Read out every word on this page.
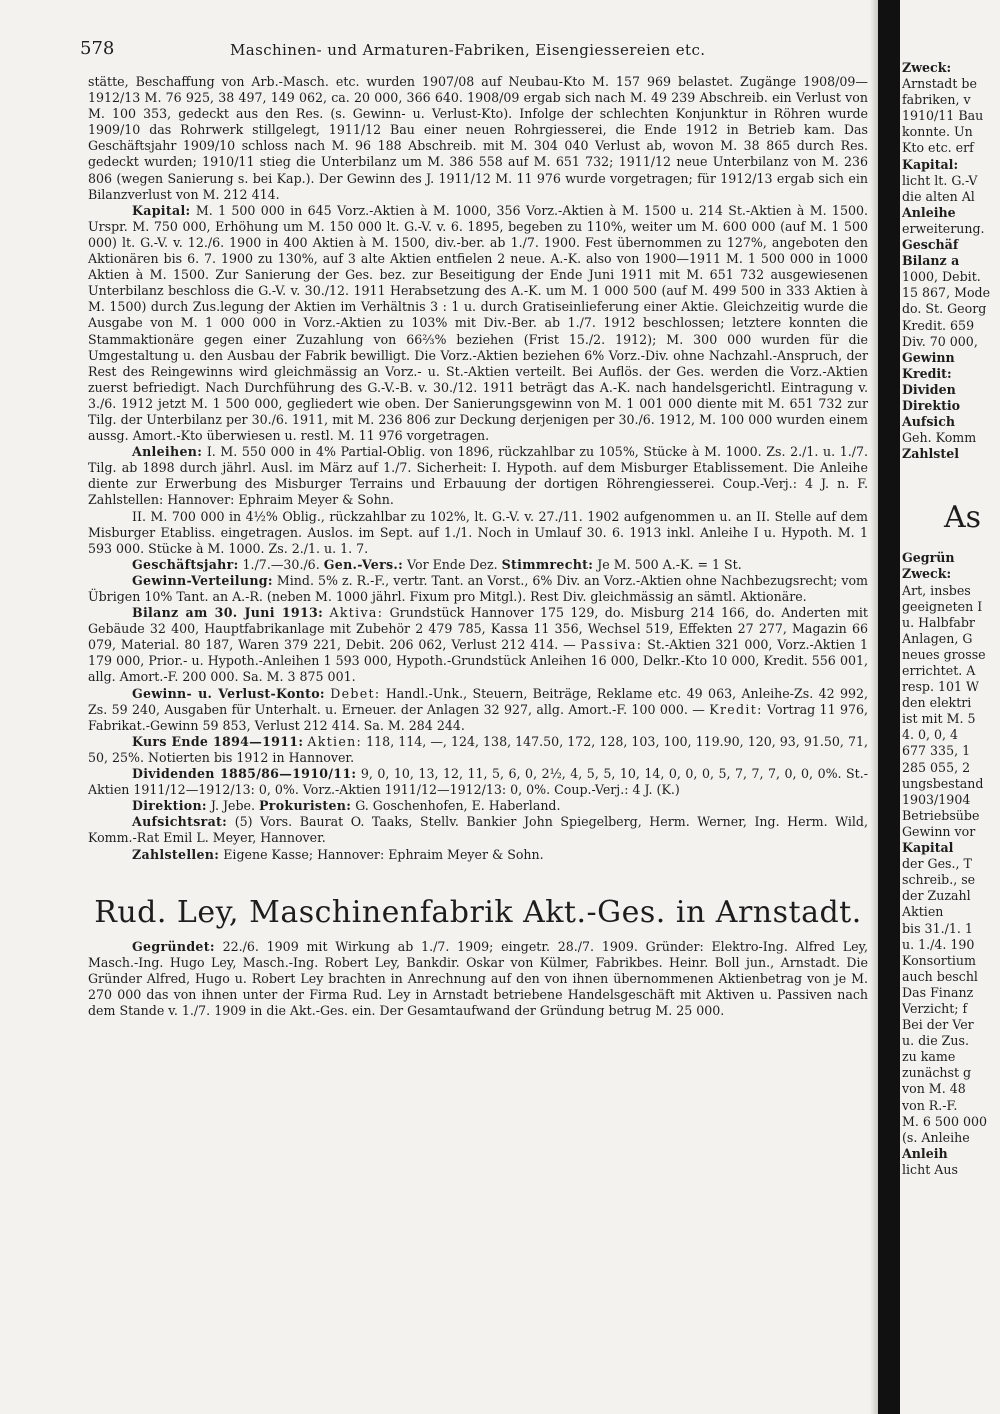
578	Maschinen- und Armaturen-Fabriken, Eisengiessereien etc.

stätte, Beschaffung von Arb.-Masch. etc. wurden 1907/08 auf Neubau-Kto M. 157 969 belastet. Zugänge 1908/09—1912/13 M. 76 925, 38 497, 149 062, ca. 20 000, 366 640. 1908/09 ergab sich nach M. 49 239 Abschreib. ein Verlust von M. 100 353, gedeckt aus den Res. (s. Gewinn- u. Verlust-Kto). Infolge der schlechten Konjunktur in Röhren wurde 1909/10 das Rohrwerk stillgelegt, 1911/12 Bau einer neuen Rohrgiesserei, die Ende 1912 in Betrieb kam. Das Geschäftsjahr 1909/10 schloss nach M. 96 188 Abschreib. mit M. 304 040 Verlust ab, wovon M. 38 865 durch Res. gedeckt wurden; 1910/11 stieg die Unterbilanz um M. 386 558 auf M. 651 732; 1911/12 neue Unterbilanz von M. 236 806 (wegen Sanierung s. bei Kap.). Der Gewinn des J. 1911/12 M. 11 976 wurde vorgetragen; für 1912/13 ergab sich ein Bilanzverlust von M. 212 414.

Kapital: M. 1 500 000 in 645 Vorz.-Aktien à M. 1000, 356 Vorz.-Aktien à M. 1500 u. 214 St.-Aktien à M. 1500. Urspr. M. 750 000, Erhöhung um M. 150 000 lt. G.-V. v. 6. 1895, begeben zu 110%, weiter um M. 600 000 (auf M. 1 500 000) lt. G.-V. v. 12./6. 1900 in 400 Aktien à M. 1500, div.-ber. ab 1./7. 1900. Fest übernommen zu 127%, angeboten den Aktionären bis 6. 7. 1900 zu 130%, auf 3 alte Aktien entfielen 2 neue. A.-K. also von 1900—1911 M. 1 500 000 in 1000 Aktien à M. 1500. Zur Sanierung der Ges. bez. zur Beseitigung der Ende Juni 1911 mit M. 651 732 ausgewiesenen Unterbilanz beschloss die G.-V. v. 30./12. 1911 Herabsetzung des A.-K. um M. 1 000 500 (auf M. 499 500 in 333 Aktien à M. 1500) durch Zus.legung der Aktien im Verhältnis 3 : 1 u. durch Gratiseinlieferung einer Aktie. Gleichzeitig wurde die Ausgabe von M. 1 000 000 in Vorz.-Aktien zu 103% mit Div.-Ber. ab 1./7. 1912 beschlossen; letztere konnten die Stammaktionäre gegen einer Zuzahlung von 66⅔% beziehen (Frist 15./2. 1912); M. 300 000 wurden für die Umgestaltung u. den Ausbau der Fabrik bewilligt. Die Vorz.-Aktien beziehen 6% Vorz.-Div. ohne Nachzahl.-Anspruch, der Rest des Reingewinns wird gleichmässig an Vorz.- u. St.-Aktien verteilt. Bei Auflös. der Ges. werden die Vorz.-Aktien zuerst befriedigt. Nach Durchführung des G.-V.-B. v. 30./12. 1911 beträgt das A.-K. nach handelsgerichtl. Eintragung v. 3./6. 1912 jetzt M. 1 500 000, gegliedert wie oben. Der Sanierungsgewinn von M. 1 001 000 diente mit M. 651 732 zur Tilg. der Unterbilanz per 30./6. 1911, mit M. 236 806 zur Deckung derjenigen per 30./6. 1912, M. 100 000 wurden einem aussg. Amort.-Kto überwiesen u. restl. M. 11 976 vorgetragen.

Anleihen: I. M. 550 000 in 4% Partial-Oblig. von 1896, rückzahlbar zu 105%, Stücke à M. 1000. Zs. 2./1. u. 1./7. Tilg. ab 1898 durch jährl. Ausl. im März auf 1./7. Sicherheit: I. Hypoth. auf dem Misburger Etablissement. Die Anleihe diente zur Erwerbung des Misburger Terrains und Erbauung der dortigen Röhrengiesserei. Coup.-Verj.: 4 J. n. F. Zahlstellen: Hannover: Ephraim Meyer & Sohn.

II. M. 700 000 in 4½% Oblig., rückzahlbar zu 102%, lt. G.-V. v. 27./11. 1902 aufgenommen u. an II. Stelle auf dem Misburger Etabliss. eingetragen. Auslos. im Sept. auf 1./1. Noch in Umlauf 30. 6. 1913 inkl. Anleihe I u. Hypoth. M. 1 593 000. Stücke à M. 1000. Zs. 2./1. u. 1. 7.

Geschäftsjahr: 1./7.—30./6. Gen.-Vers.: Vor Ende Dez. Stimmrecht: Je M. 500 A.-K. = 1 St.

Gewinn-Verteilung: Mind. 5% z. R.-F., vertr. Tant. an Vorst., 6% Div. an Vorz.-Aktien ohne Nachbezugsrecht; vom Übrigen 10% Tant. an A.-R. (neben M. 1000 jährl. Fixum pro Mitgl.). Rest Div. gleichmässig an sämtl. Aktionäre.

Bilanz am 30. Juni 1913: Aktiva: Grundstück Hannover 175 129, do. Misburg 214 166, do. Anderten mit Gebäude 32 400, Hauptfabrikanlage mit Zubehör 2 479 785, Kassa 11 356, Wechsel 519, Effekten 27 277, Magazin 66 079, Material. 80 187, Waren 379 221, Debit. 206 062, Verlust 212 414. — Passiva: St.-Aktien 321 000, Vorz.-Aktien 1 179 000, Prior.- u. Hypoth.-Anleihen 1 593 000, Hypoth.-Grundstück Anleihen 16 000, Delkr.-Kto 10 000, Kredit. 556 001, allg. Amort.-F. 200 000. Sa. M. 3 875 001.

Gewinn- u. Verlust-Konto: Debet: Handl.-Unk., Steuern, Beiträge, Reklame etc. 49 063, Anleihe-Zs. 42 992, Zs. 59 240, Ausgaben für Unterhalt. u. Erneuer. der Anlagen 32 927, allg. Amort.-F. 100 000. — Kredit: Vortrag 11 976, Fabrikat.-Gewinn 59 853, Verlust 212 414. Sa. M. 284 244.

Kurs Ende 1894—1911: Aktien: 118, 114, —, 124, 138, 147.50, 172, 128, 103, 100, 119.90, 120, 93, 91.50, 71, 50, 25%. Notierten bis 1912 in Hannover.

Dividenden 1885/86—1910/11: 9, 0, 10, 13, 12, 11, 5, 6, 0, 2½, 4, 5, 5, 10, 14, 0, 0, 0, 5, 7, 7, 7, 0, 0, 0%. St.-Aktien 1911/12—1912/13: 0, 0%. Vorz.-Aktien 1911/12—1912/13: 0, 0%. Coup.-Verj.: 4 J. (K.)

Direktion: J. Jebe. Prokuristen: G. Goschenhofen, E. Haberland.

Aufsichtsrat: (5) Vors. Baurat O. Taaks, Stellv. Bankier John Spiegelberg, Herm. Werner, Ing. Herm. Wild, Komm.-Rat Emil L. Meyer, Hannover.

Zahlstellen: Eigene Kasse; Hannover: Ephraim Meyer & Sohn.

Rud. Ley, Maschinenfabrik Akt.-Ges. in Arnstadt.

Gegründet: 22./6. 1909 mit Wirkung ab 1./7. 1909; eingetr. 28./7. 1909. Gründer: Elektro-Ing. Alfred Ley, Masch.-Ing. Hugo Ley, Masch.-Ing. Robert Ley, Bankdir. Oskar von Külmer, Fabrikbes. Heinr. Boll jun., Arnstadt. Die Gründer Alfred, Hugo u. Robert Ley brachten in Anrechnung auf den von ihnen übernommenen Aktienbetrag von je M. 270 000 das von ihnen unter der Firma Rud. Ley in Arnstadt betriebene Handelsgeschäft mit Aktiven u. Passiven nach dem Stande v. 1./7. 1909 in die Akt.-Ges. ein. Der Gesamtaufwand der Gründung betrug M. 25 000.

Zweck:
Arnstadt be
fabriken, v
1910/11 Bau
konnte. Un
Kto etc. erf
Kapital:
licht lt. G.-V
die alten Al
Anleihe
erweiterung.
Geschäf
Bilanz a
1000, Debit.
15 867, Mode
do. St. Georg
Kredit. 659
Div. 70 000,
Gewinn
Kredit:
Dividen
Direktio
Aufsich
Geh. Komm
Zahlstel
As
Gegrün
Zweck:
Art, insbes
geeigneten I
u. Halbfabr
Anlagen, G
neues grosse
errichtet. A
resp. 101 W
den elektri
ist mit M. 5
4. 0, 0, 4
677 335, 1
285 055, 2
ungsbestand
1903/1904
Betriebsübe
Gewinn vor
Kapital
der Ges., T
schreib., se
der Zuzahl
Aktien
bis 31./1. 1
u. 1./4. 190
Konsortium
auch beschl
Das Finanz
Verzicht; f
Bei der Ver
u. die Zus.
zu kame
zunächst g
von M. 48
von R.-F.
M. 6 500 000
(s. Anleihe
Anleih
licht Aus
